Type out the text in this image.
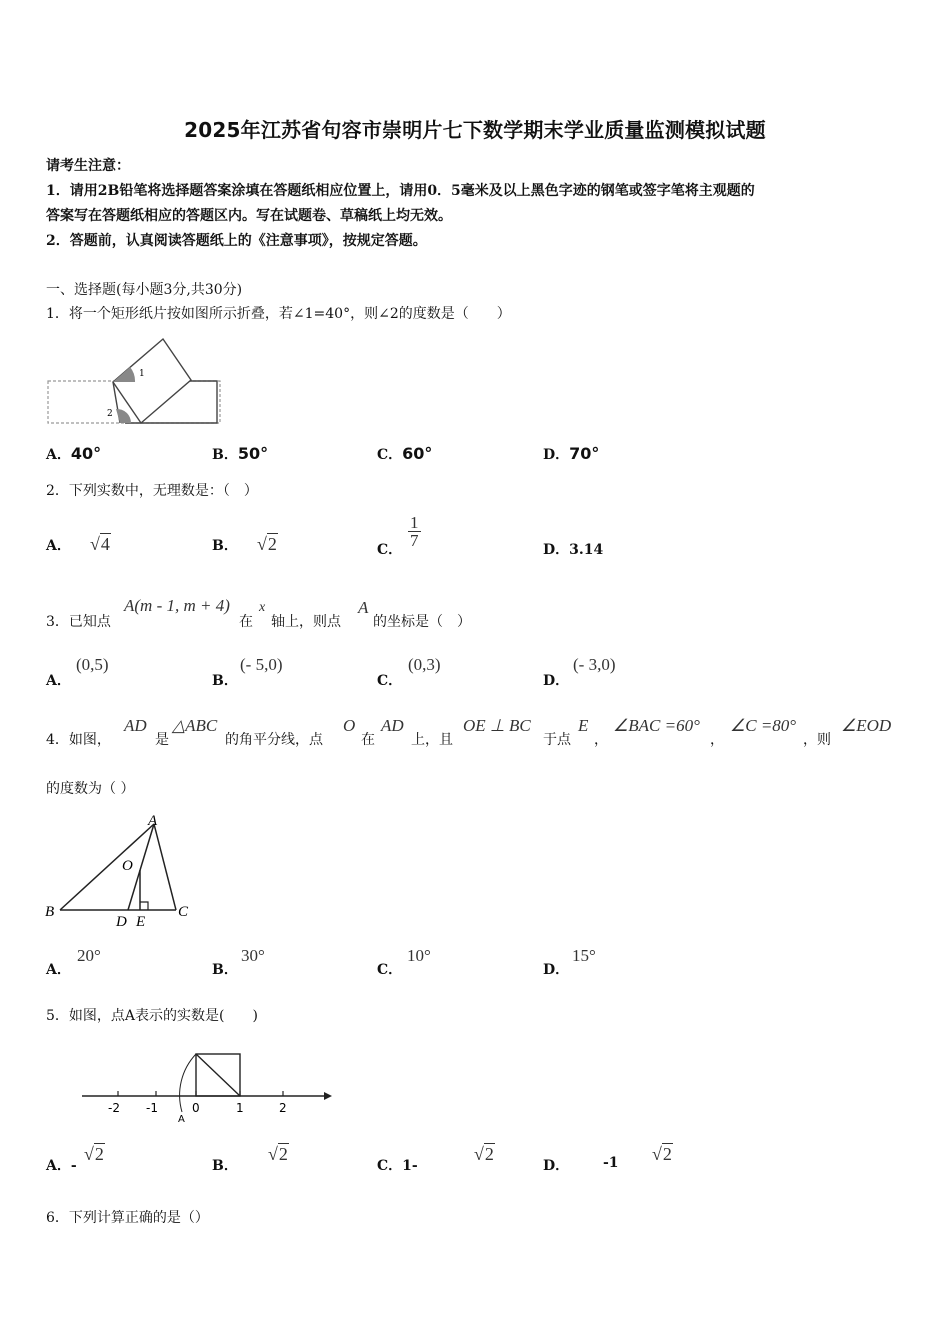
2025年江苏省句容市崇明片七下数学期末学业质量监测模拟试题
请考生注意：
1．请用2B铅笔将选择题答案涂填在答题纸相应位置上，请用0．5毫米及以上黑色字迹的钢笔或签字笔将主观题的
答案写在答题纸相应的答题区内。写在试题卷、草稿纸上均无效。
2．答题前，认真阅读答题纸上的《注意事项》，按规定答题。
一、选择题(每小题3分,共30分)
1．将一个矩形纸片按如图所示折叠，若∠1=40°，则∠2的度数是（　　）
1
2
A．40°	B．50°	C．60°	D．70°
2．下列实数中，无理数是：（　）
A． √4	B． √2	C．
$\frac{1}{7}$
D．3.14
3．已知点
A(m - 1, m + 4)
在
x
轴上，则点
A
的坐标是（　）
A．
(0,5)
B．
(- 5,0)
C．
(0,3)
D．
(- 3,0)
4．如图，
AD
是
△ABC
的角平分线，点
O
在
AD
上，且
OE ⊥ BC
于点
E
，
∠BAC =60°
，
∠C =80°
，则
∠EOD
的度数为（ ）
A
B	C
D E
O
A．
20°
B．
30°
C．
10°
D．
15°
5．如图，点A表示的实数是(　　)
-2 -1	0	1	2
A
A．-
√2
B．
√2
C．1-
√2
D．
√2
-1
6．下列计算正确的是（）
